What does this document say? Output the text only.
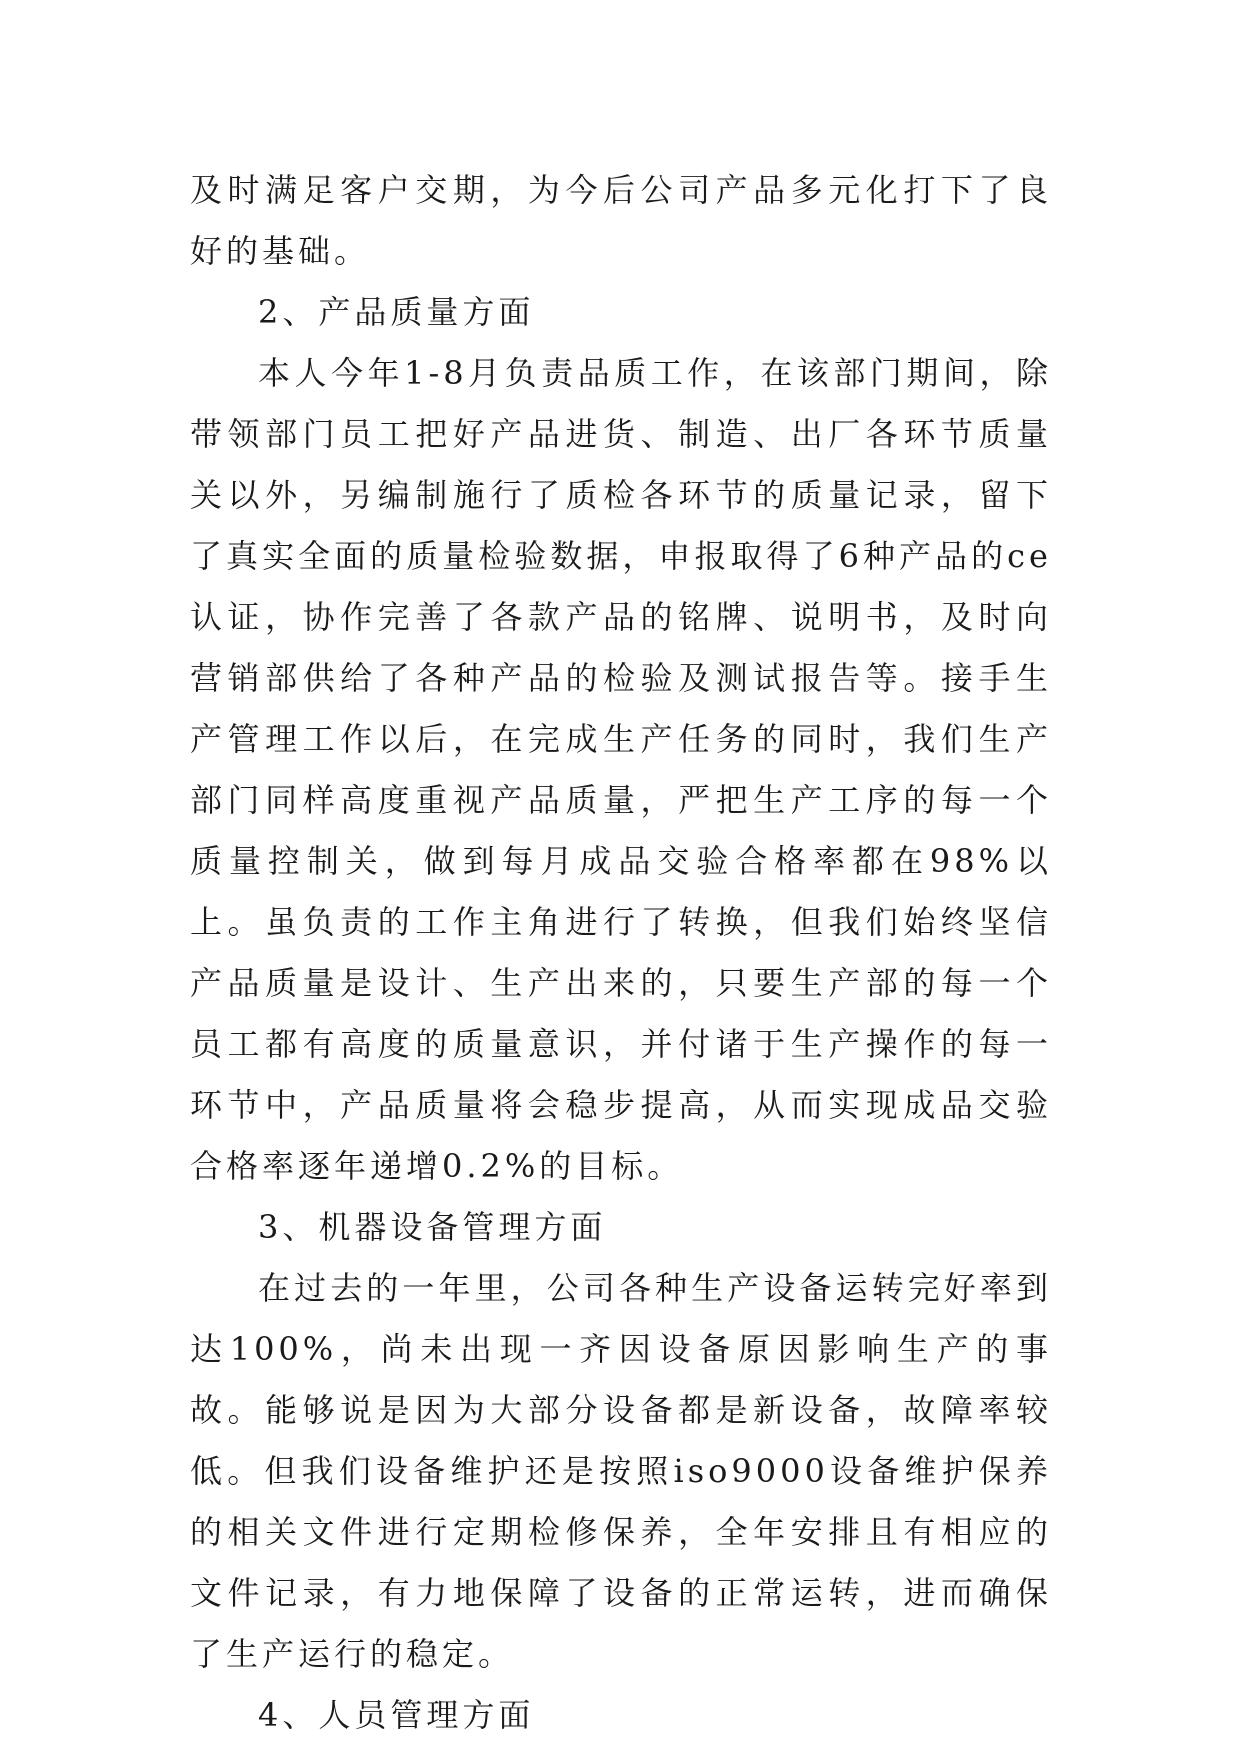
及时满足客户交期，为今后公司产品多元化打下了良好的基础。

2、产品质量方面

本人今年1-8月负责品质工作，在该部门期间，除带领部门员工把好产品进货、制造、出厂各环节质量关以外，另编制施行了质检各环节的质量记录，留下了真实全面的质量检验数据，申报取得了6种产品的ce认证，协作完善了各款产品的铭牌、说明书，及时向营销部供给了各种产品的检验及测试报告等。接手生产管理工作以后，在完成生产任务的同时，我们生产部门同样高度重视产品质量，严把生产工序的每一个质量控制关，做到每月成品交验合格率都在98%以上。虽负责的工作主角进行了转换，但我们始终坚信产品质量是设计、生产出来的，只要生产部的每一个员工都有高度的质量意识，并付诸于生产操作的每一环节中，产品质量将会稳步提高，从而实现成品交验合格率逐年递增0.2%的目标。

3、机器设备管理方面

在过去的一年里，公司各种生产设备运转完好率到达100%，尚未出现一齐因设备原因影响生产的事故。能够说是因为大部分设备都是新设备，故障率较低。但我们设备维护还是按照iso9000设备维护保养的相关文件进行定期检修保养，全年安排且有相应的文件记录，有力地保障了设备的正常运转，进而确保了生产运行的稳定。

4、人员管理方面
